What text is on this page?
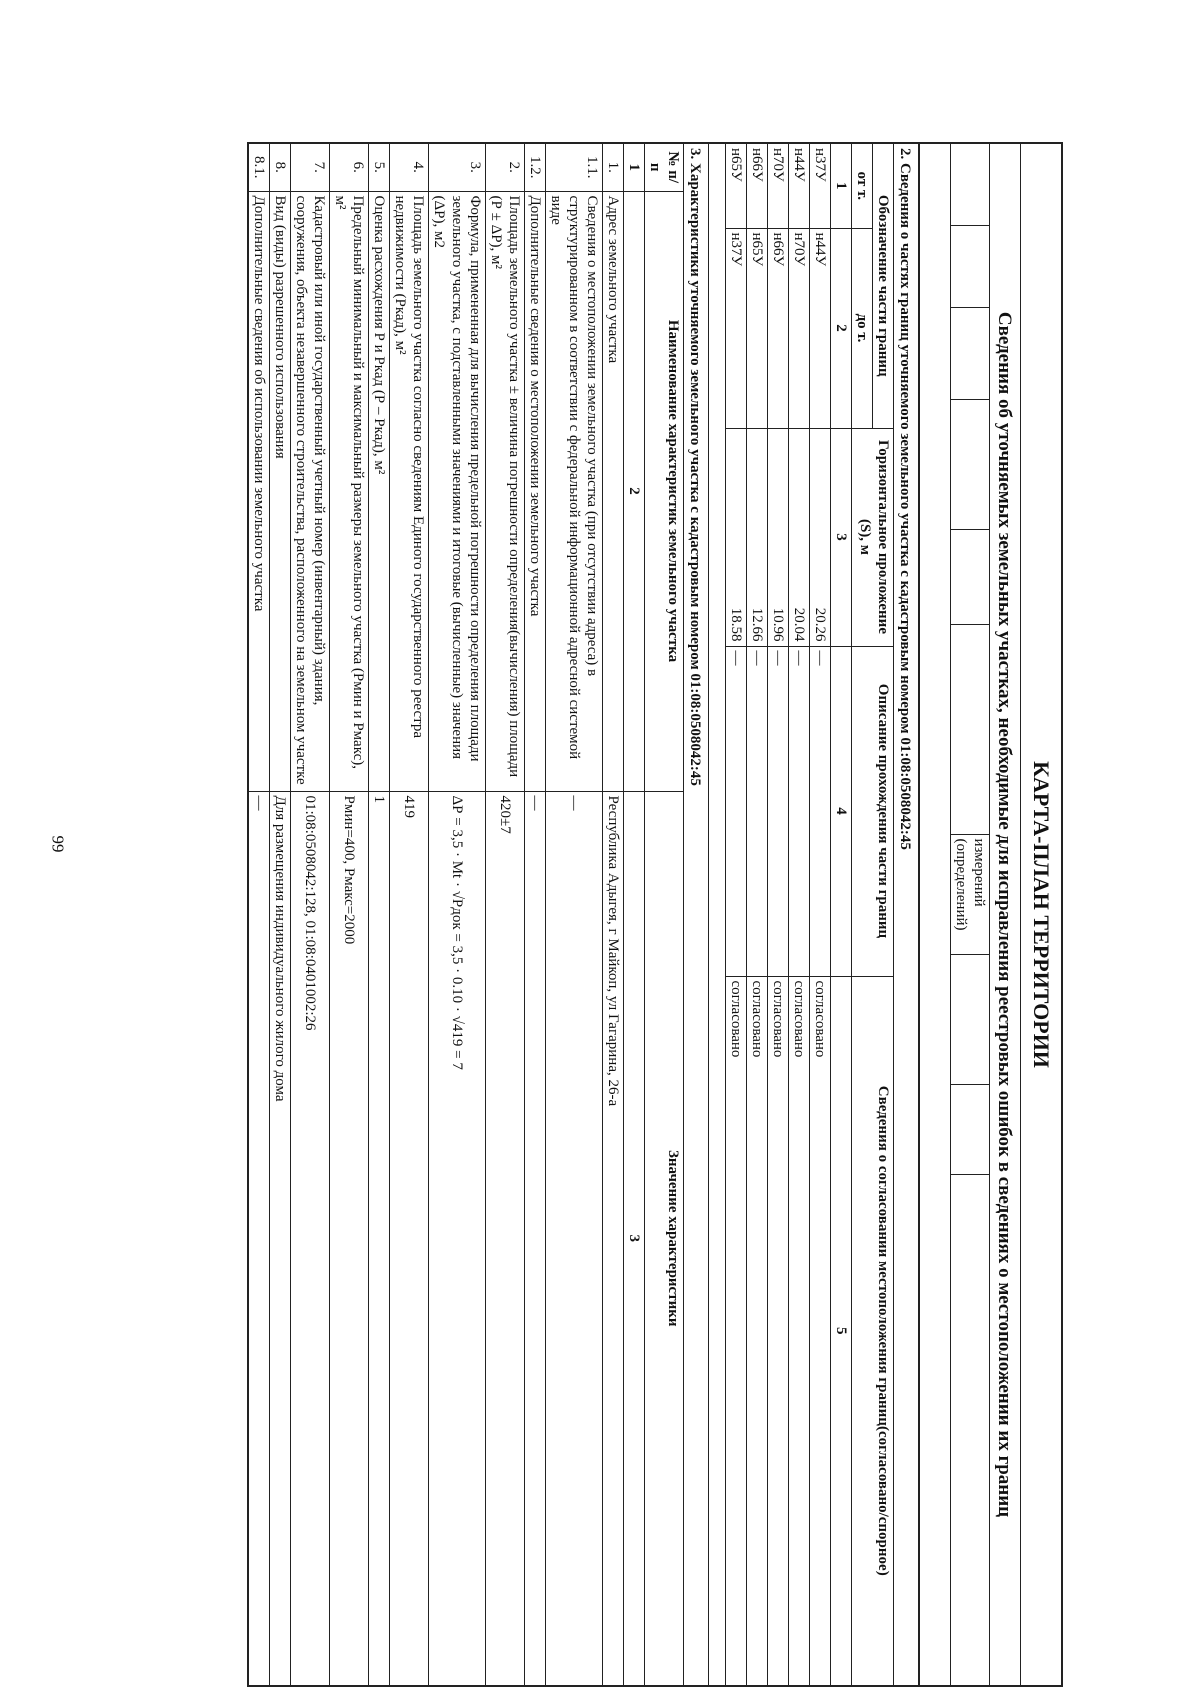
99	КАРТА-ПЛАН ТЕРРИТОРИИ
Сведения об уточняемых земельных участках, необходимые для исправления реестровых ошибок в сведениях о местоположении их границ
						измерений (определений)			

2. Сведения о частях границ уточняемого земельного участка с кадастровым номером 01:08:0508042:45				
Обозначение части границ		Горизонтальное проложение (S), м	Описание прохождения части границ	Сведения о согласовании местоположения границ(согласовано/спорное)
от т.	до т.			
1	2	3	4	5
н37У	н44У	20.26	—	согласовано
н44У	н70У	20.04	—	согласовано
н70У	н66У	10.96	—	согласовано
н66У	н65У	12.66	—	согласовано
н65У	н37У	18.58	—	согласовано

3. Характеристики уточняемого земельного участка с кадастровым номером 01:08:0508042:45		
№ п/п	Наименование характеристик земельного участка	Значение характеристики
1	2	3
1.	Адрес земельного участка	Республика Адыгея, г Майкоп, ул Гагарина, 26-а
1.1.	Сведения о местоположении земельного участка (при отсутствии адреса) в структурированном в соответствии с федеральной информационной адресной системой виде	—
1.2.	Дополнительные сведения о местоположении земельного участка	—
2.	Площадь земельного участка ± величина погрешности определения(вычисления) площади (Р ± ΔР), м²	420±7
3.	Формула, примененная для вычисления предельной погрешности определения площади земельного участка, с подставленными значениями и итоговые (вычисленные) значения (ΔР), м2	ΔР = 3,5 · Mt · √Pдок = 3,5 · 0.10 · √419 = 7
4.	Площадь земельного участка согласно сведениям Единого государственного реестра недвижимости (Ркад), м²	419
5.	Оценка расхождения Р и Ркад (Р – Ркад), м²	1
6.	Предельный минимальный и максимальный размеры земельного участка (Рмин и Рмакс), м²	Рмин=400, Рмакс=2000
7.	Кадастровый или иной государственный учетный номер (инвентарный) здания, сооружения, объекта незавершенного строительства, расположенного на земельном участке	01:08:0508042:128, 01:08:0401002:26
8.	Вид (виды) разрешенного использования	Для размещения индивидуального жилого дома
8.1.	Дополнительные сведения об использовании земельного участка	—
